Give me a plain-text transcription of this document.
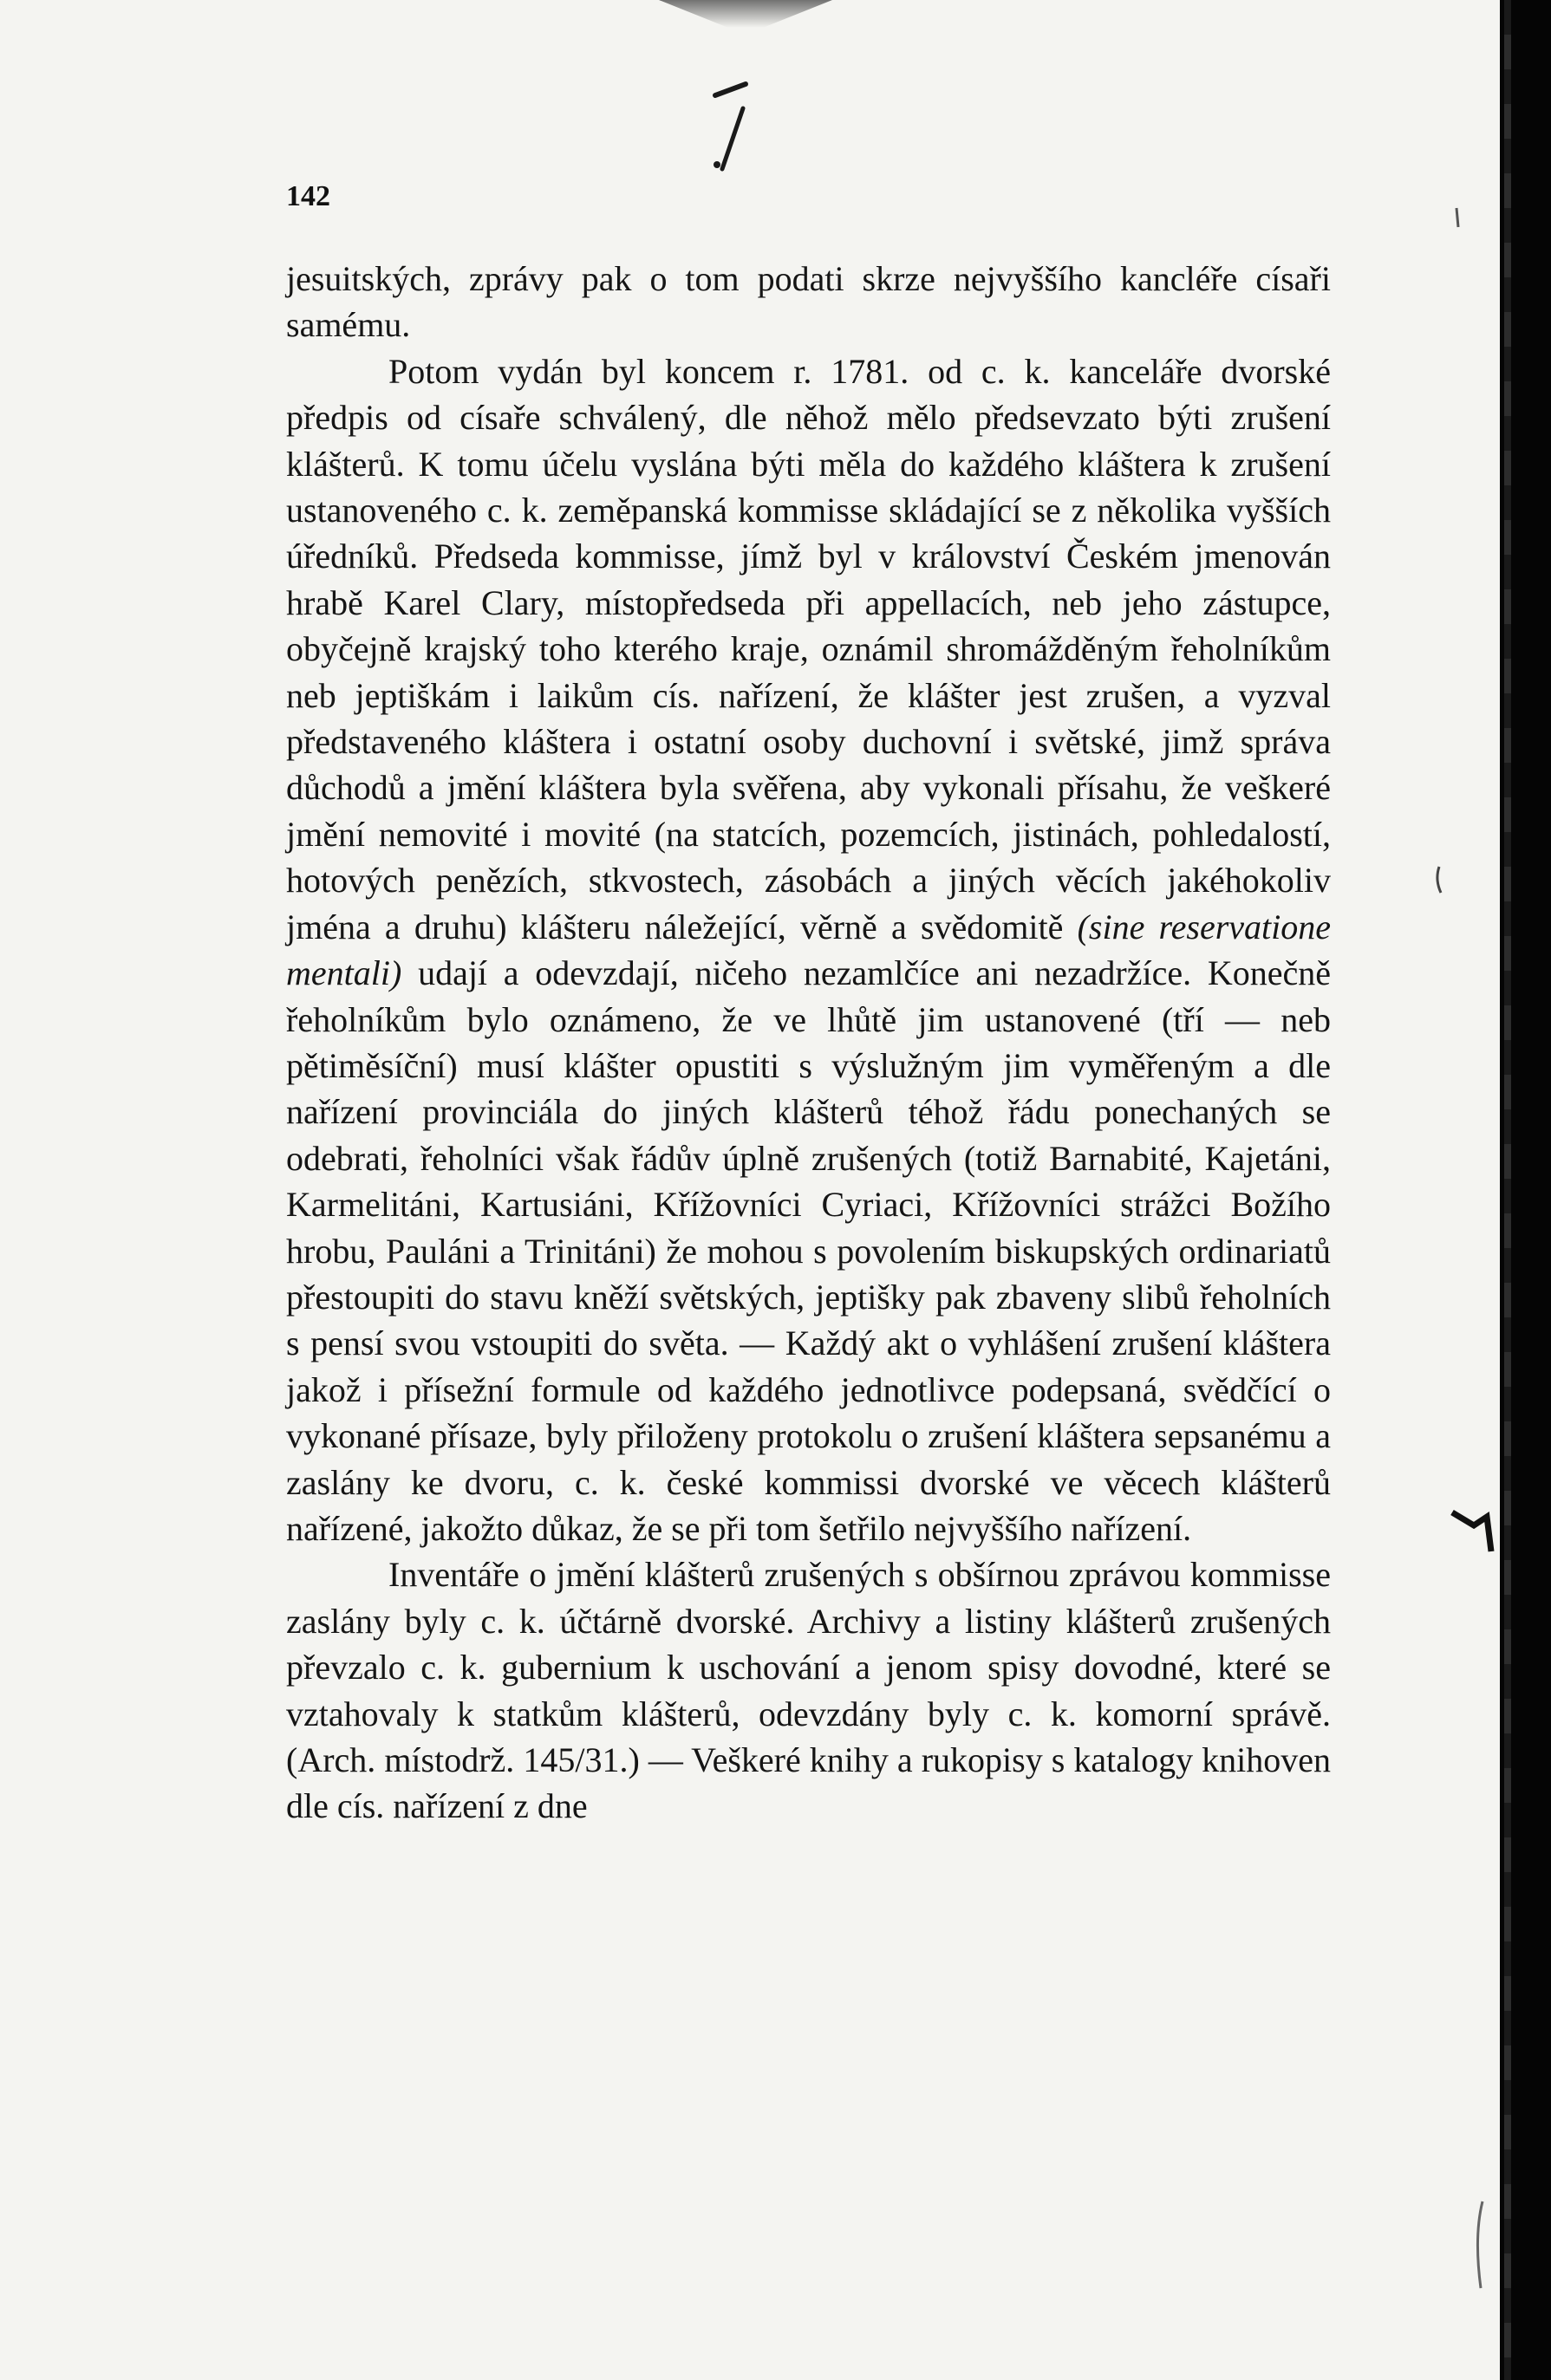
142

jesuitských, zprávy pak o tom podati skrze nejvyššího kancléře císaři samému.

Potom vydán byl koncem r. 1781. od c. k. kanceláře dvorské předpis od císaře schválený, dle něhož mělo předsevzato býti zrušení klášterů. K tomu účelu vyslána býti měla do každého kláštera k zrušení ustanoveného c. k. zeměpanská kommisse skládající se z několika vyšších úředníků. Předseda kommisse, jímž byl v království Českém jmenován hrabě Karel Clary, místopředseda při appellacích, neb jeho zástupce, obyčejně krajský toho kterého kraje, oznámil shromážděným řeholníkům neb jeptiškám i laikům cís. nařízení, že klášter jest zrušen, a vyzval představeného kláštera i ostatní osoby duchovní i světské, jimž správa důchodů a jmění kláštera byla svěřena, aby vykonali přísahu, že veškeré jmění nemovité i movité (na statcích, pozemcích, jistinách, pohledalostí, hotových penězích, stkvostech, zásobách a jiných věcích jakéhokoliv jména a druhu) klášteru náležející, věrně a svědomitě (sine reservatione mentali) udají a odevzdají, ničeho nezamlčíce ani nezadržíce. Konečně řeholníkům bylo oznámeno, že ve lhůtě jim ustanovené (tří — neb pětiměsíční) musí klášter opustiti s výslužným jim vyměřeným a dle nařízení provinciála do jiných klášterů téhož řádu ponechaných se odebrati, řeholníci však řádův úplně zrušených (totiž Barnabité, Kajetáni, Karmelitáni, Kartusiáni, Křížovníci Cyriaci, Křížovníci strážci Božího hrobu, Pauláni a Trinitáni) že mohou s povolením biskupských ordinariatů přestoupiti do stavu kněží světských, jeptišky pak zbaveny slibů řeholních s pensí svou vstoupiti do světa. — Každý akt o vyhlášení zrušení kláštera jakož i přísežní formule od každého jednotlivce podepsaná, svědčící o vykonané přísaze, byly přiloženy protokolu o zrušení kláštera sepsanému a zaslány ke dvoru, c. k. české kommissi dvorské ve věcech klášterů nařízené, jakožto důkaz, že se při tom šetřilo nejvyššího nařízení.

Inventáře o jmění klášterů zrušených s obšírnou zprávou kommisse zaslány byly c. k. účtárně dvorské. Archivy a listiny klášterů zrušených převzalo c. k. gubernium k uschování a jenom spisy dovodné, které se vztahovaly k statkům klášterů, odevzdány byly c. k. komorní správě. (Arch. místodrž. 145/31.) — Veškeré knihy a rukopisy s katalogy knihoven dle cís. nařízení z dne
